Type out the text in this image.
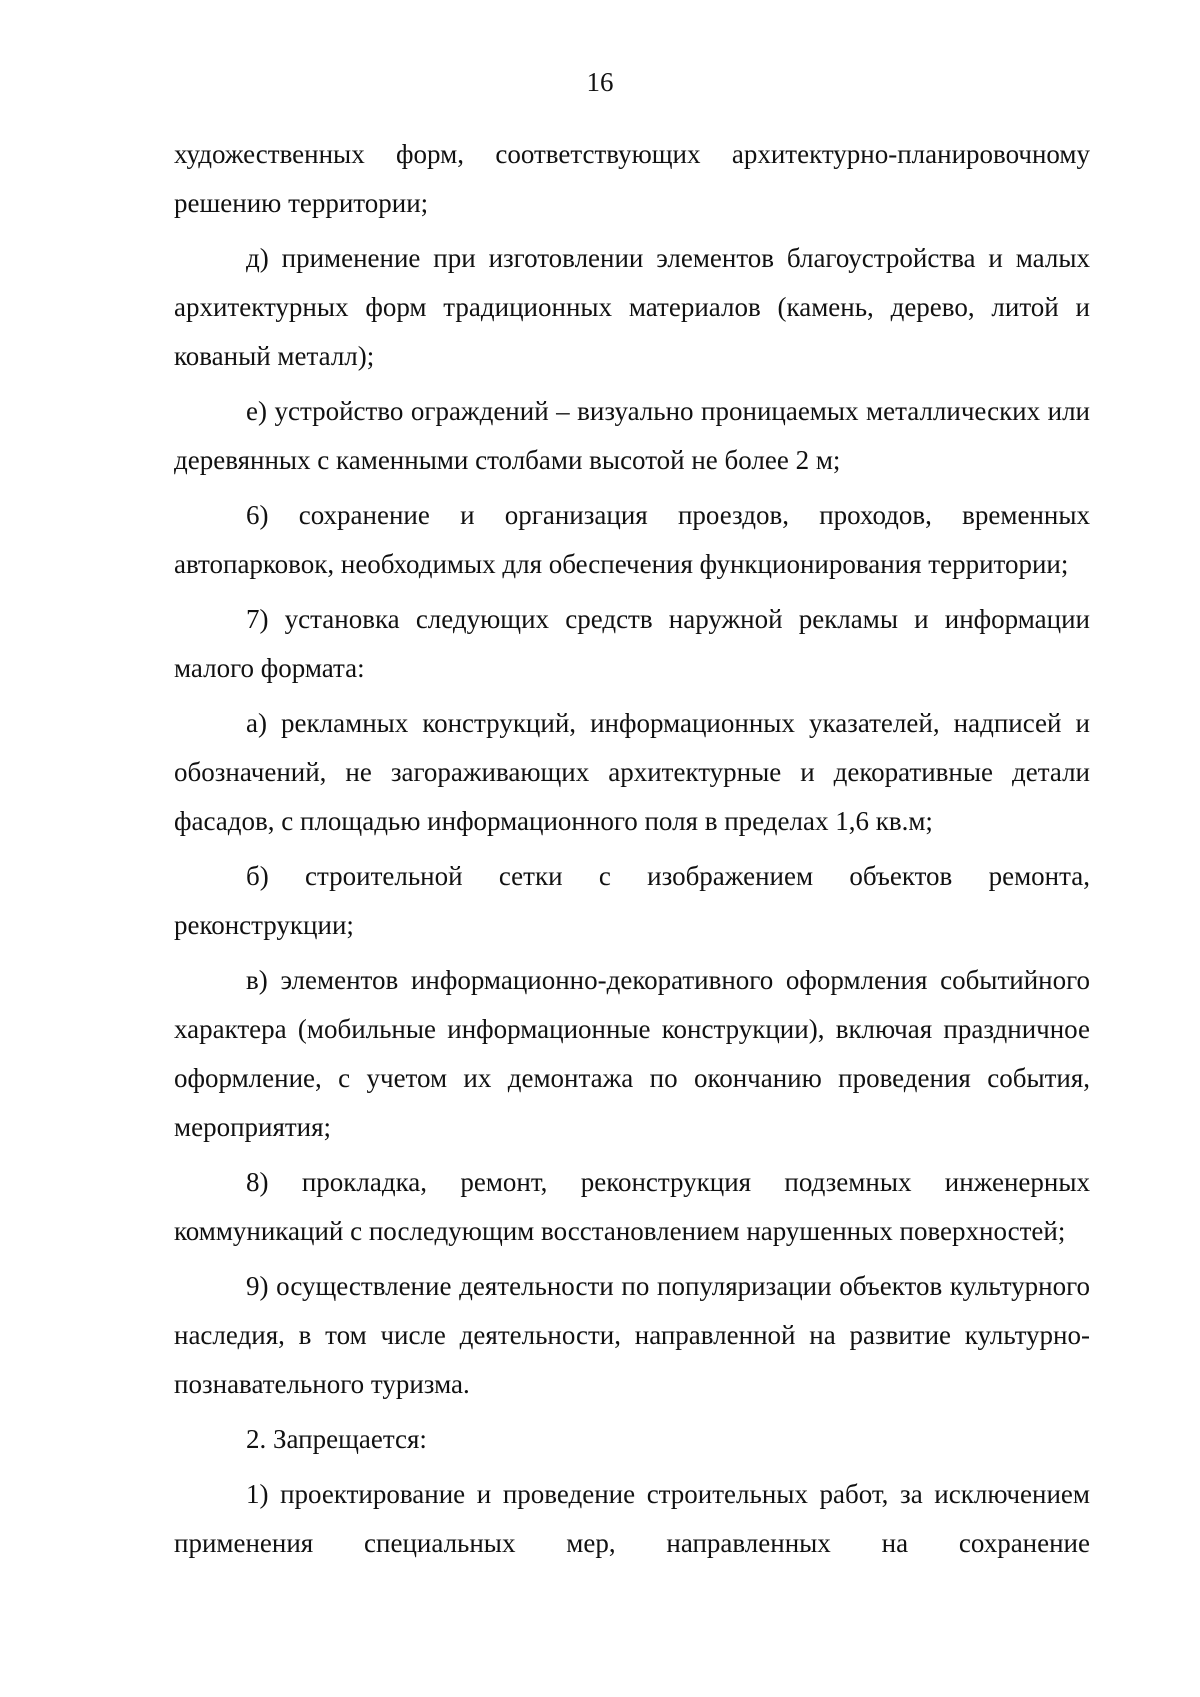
16

художественных форм, соответствующих архитектурно-планировочному решению территории;

д) применение при изготовлении элементов благоустройства и малых архитектурных форм традиционных материалов (камень, дерево, литой и кованый металл);

е) устройство ограждений – визуально проницаемых металлических или деревянных с каменными столбами высотой не более 2 м;

6) сохранение и организация проездов, проходов, временных автопарковок, необходимых для обеспечения функционирования территории;

7) установка следующих средств наружной рекламы и информации малого формата:

а) рекламных конструкций, информационных указателей, надписей и обозначений, не загораживающих архитектурные и декоративные детали фасадов, с площадью информационного поля в пределах 1,6 кв.м;

б) строительной сетки с изображением объектов ремонта, реконструкции;

в) элементов информационно-декоративного оформления событийного характера (мобильные информационные конструкции), включая праздничное оформление, с учетом их демонтажа по окончанию проведения события, мероприятия;

8) прокладка, ремонт, реконструкция подземных инженерных коммуникаций с последующим восстановлением нарушенных поверхностей;

9) осуществление деятельности по популяризации объектов культурного наследия, в том числе деятельности, направленной на развитие культурно-познавательного туризма.

2. Запрещается:

1) проектирование и проведение строительных работ, за исключением применения специальных мер, направленных на сохранение
